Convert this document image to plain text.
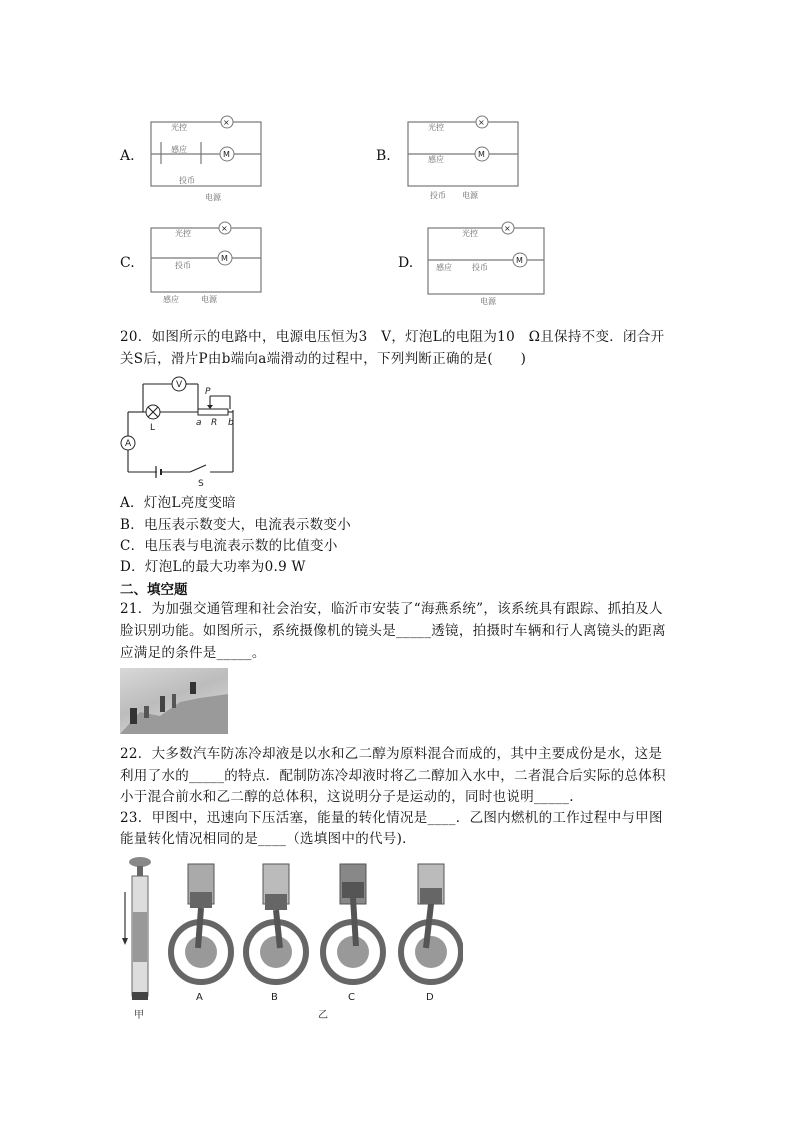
A.
×
M
光控
感应
投币
电源
B.
×
M
光控
感应
投币 电源
C.
×
M
光控
投币
感应	电源
D.
×
M
光控
感应	投币
电源
20．如图所示的电路中，电源电压恒为3　V，灯泡L的电阻为10　Ω且保持不变．闭合开
关S后，滑片P由b端向a端滑动的过程中，下列判断正确的是(　　)
V
L
P
a R b
A
S
A．灯泡L亮度变暗
B．电压表示数变大，电流表示数变小
C．电压表与电流表示数的比值变小
D．灯泡L的最大功率为0.9 W
二、填空题
21．为加强交通管理和社会治安，临沂市安装了“海燕系统”，该系统具有跟踪、抓拍及人
脸识别功能。如图所示，系统摄像机的镜头是_____透镜，拍摄时车辆和行人离镜头的距离
应满足的条件是_____。
22．大多数汽车防冻冷却液是以水和乙二醇为原料混合而成的，其中主要成份是水，这是
利用了水的_____的特点．配制防冻冷却液时将乙二醇加入水中，二者混合后实际的总体积
小于混合前水和乙二醇的总体积，这说明分子是运动的，同时也说明_____.
23．甲图中，迅速向下压活塞，能量的转化情况是____．乙图内燃机的工作过程中与甲图
能量转化情况相同的是____（选填图中的代号)．
甲
A	B	C	D
乙
